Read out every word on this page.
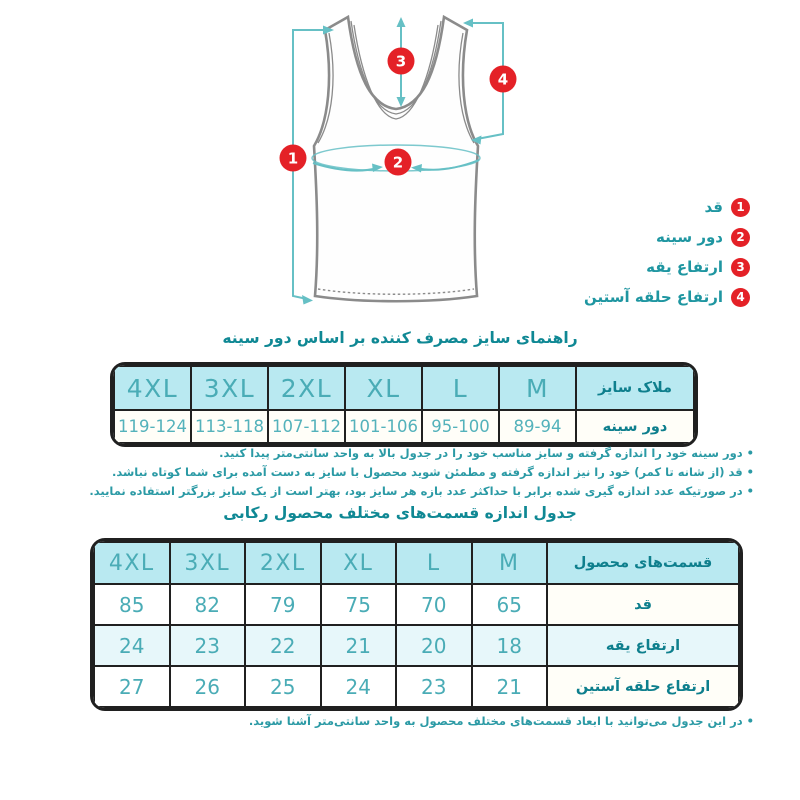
1	2
3
4
1
قد
2
دور سینه
3
ارتفاع یقه
4
ارتفاع حلقه آستین
راهنمای سایز مصرف کننده بر اساس دور سینه
ملاک سایز	M	L	XL	2XL	3XL	4XL
دور سینه	89-94	95-100	101-106	107-112	113-118	119-124
•دور سینه خود را اندازه گرفته و سایز مناسب خود را در جدول بالا به واحد سانتی‌متر پیدا کنید.
•قد (از شانه تا کمر) خود را نیز اندازه گرفته و مطمئن شوید محصول با سایز به دست آمده برای شما کوتاه نباشد.
•در صورتیکه عدد اندازه گیری شده برابر با حداکثر عدد بازه هر سایز بود، بهتر است از یک سایز بزرگتر استفاده نمایید.
جدول اندازه قسمت‌های مختلف محصول رکابی
قسمت‌های محصول	M	L	XL	2XL	3XL	4XL
قد	65	70	75	79	82	85
ارتفاع یقه	18	20	21	22	23	24
ارتفاع حلقه آستین	21	23	24	25	26	27
•در این جدول می‌توانید با ابعاد قسمت‌های مختلف محصول به واحد سانتی‌متر آشنا شوید.
